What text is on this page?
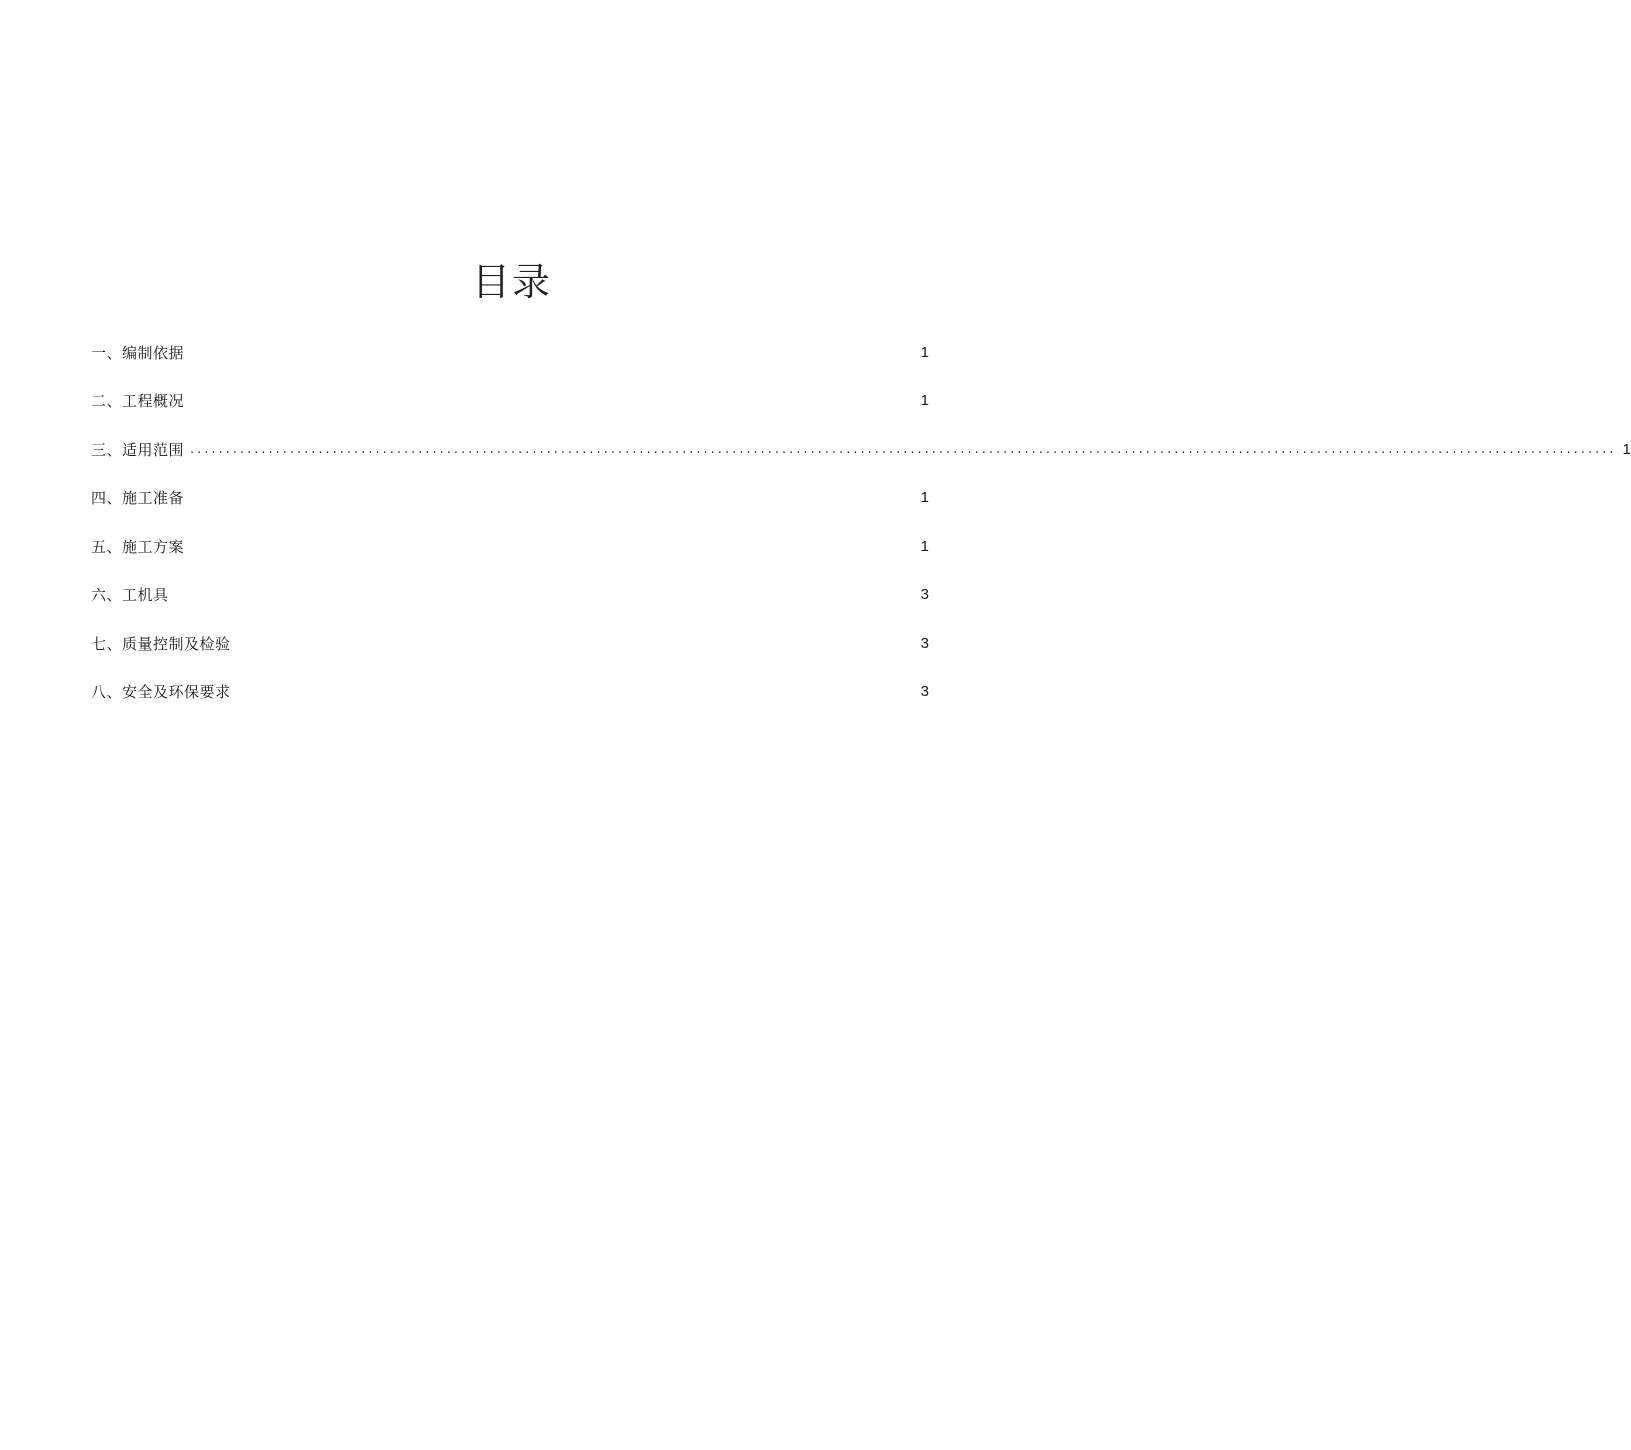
目录
一、编制依据	1
二、工程概况	1
三、适用范围 ........................................................................................................................................................................................................ 1
四、施工准备	1
五、施工方案	1
六、工机具	3
七、质量控制及检验	3
八、安全及环保要求	3
